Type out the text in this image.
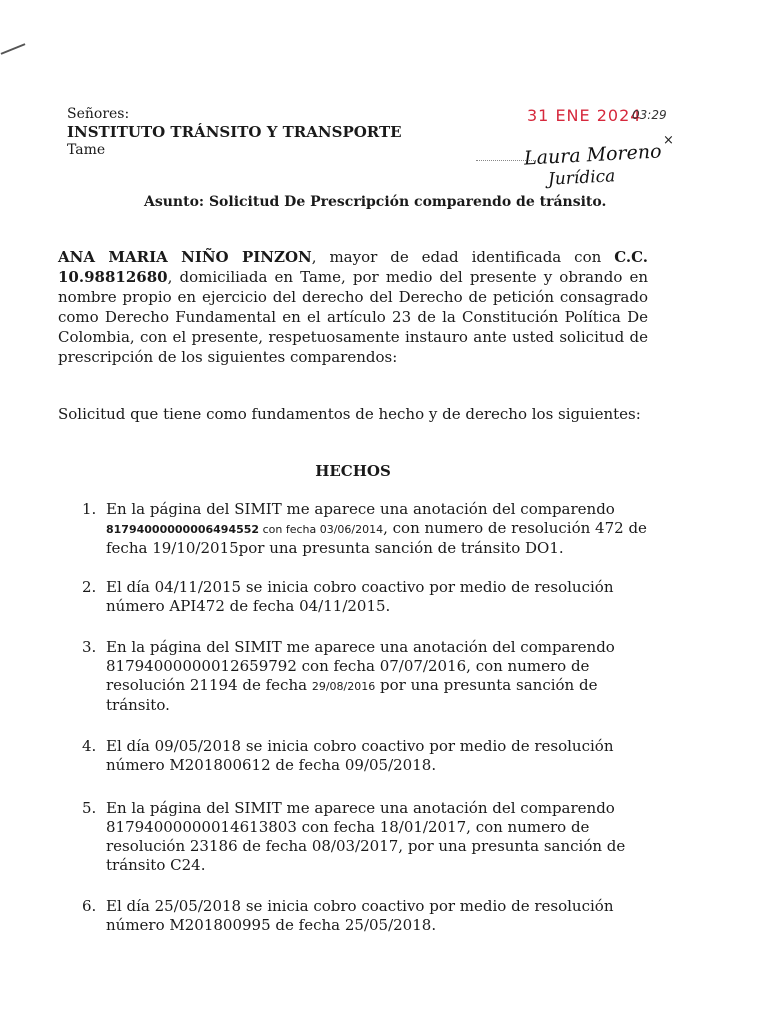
Señores:
INSTITUTO TRÁNSITO Y TRANSPORTE
Tame
31 ENE 2024
03:29
×
Laura Moreno
Jurídica
Asunto: Solicitud De Prescripción comparendo de tránsito.
ANA MARIA NIÑO PINZON, mayor de edad identificada con C.C. 10.98812680, domiciliada en Tame, por medio del presente y obrando en nombre propio en ejercicio del derecho del Derecho de petición consagrado como Derecho Fundamental en el artículo 23 de la Constitución Política De Colombia, con el presente, respetuosamente instauro ante usted solicitud de prescripción de los siguientes comparendos:
Solicitud que tiene como fundamentos de hecho y de derecho los siguientes:
HECHOS
1. En la página del SIMIT me aparece una anotación del comparendo 81794000000006494552 con fecha 03/06/2014, con numero de resolución 472 de fecha 19/10/2015por una presunta sanción de tránsito DO1.
2. El día 04/11/2015 se inicia cobro coactivo por medio de resolución número API472 de fecha 04/11/2015.
3. En la página del SIMIT me aparece una anotación del comparendo 81794000000012659792 con fecha 07/07/2016, con numero de resolución 21194 de fecha 29/08/2016 por una presunta sanción de tránsito.
4. El día 09/05/2018 se inicia cobro coactivo por medio de resolución número M201800612 de fecha 09/05/2018.
5. En la página del SIMIT me aparece una anotación del comparendo 81794000000014613803 con fecha 18/01/2017, con numero de resolución 23186 de fecha 08/03/2017, por una presunta sanción de tránsito C24.
6. El día 25/05/2018 se inicia cobro coactivo por medio de resolución número M201800995 de fecha 25/05/2018.
